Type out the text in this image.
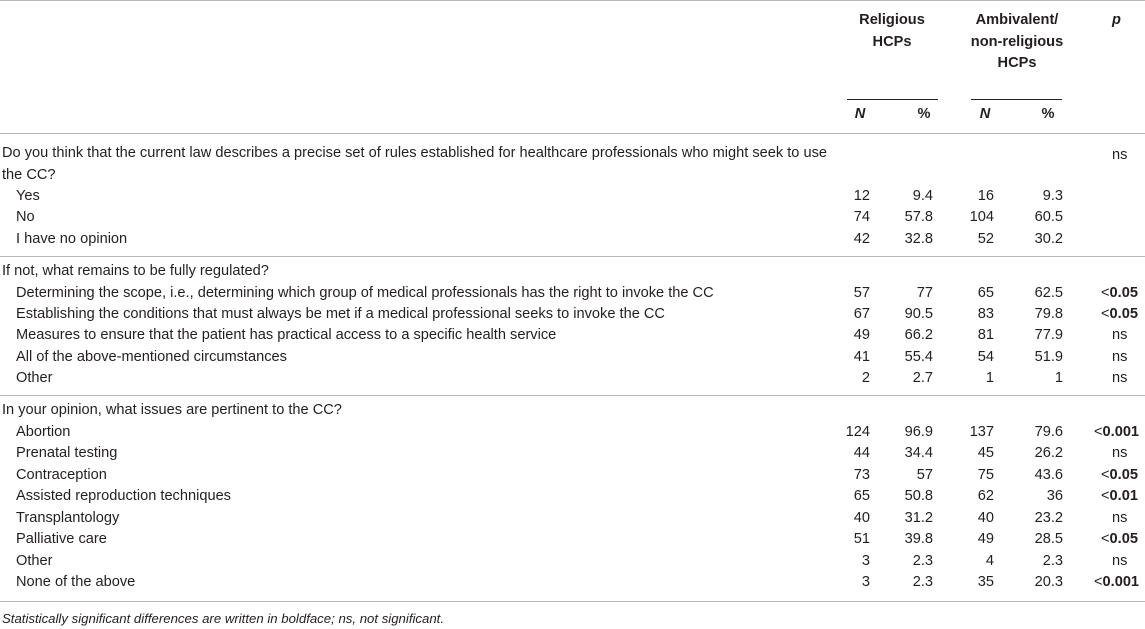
Religious HCPs
Ambivalent/ non-religious HCPs
p
N	%	N	%
Do you think that the current law describes a precise set of rules established for healthcare professionals who might seek to use the CC?
ns
Yes	12	9.4	16	9.3
No	74	57.8	104	60.5
I have no opinion	42	32.8	52	30.2
If not, what remains to be fully regulated?
Determining the scope, i.e., determining which group of medical professionals has the right to invoke the CC	57	77	65	62.5	<0.05
Establishing the conditions that must always be met if a medical professional seeks to invoke the CC	67	90.5	83	79.8	<0.05
Measures to ensure that the patient has practical access to a specific health service	49	66.2	81	77.9	ns
All of the above-mentioned circumstances	41	55.4	54	51.9	ns
Other	2	2.7	1	1	ns
In your opinion, what issues are pertinent to the CC?
Abortion	124	96.9	137	79.6 <0.001
Prenatal testing	44	34.4	45	26.2	ns
Contraception	73	57	75	43.6	<0.05
Assisted reproduction techniques	65	50.8	62	36	<0.01
Transplantology	40	31.2	40	23.2	ns
Palliative care	51	39.8	49	28.5	<0.05
Other	3	2.3	4	2.3	ns
None of the above	3	2.3	35	20.3 <0.001
Statistically significant differences are written in boldface; ns, not significant.
